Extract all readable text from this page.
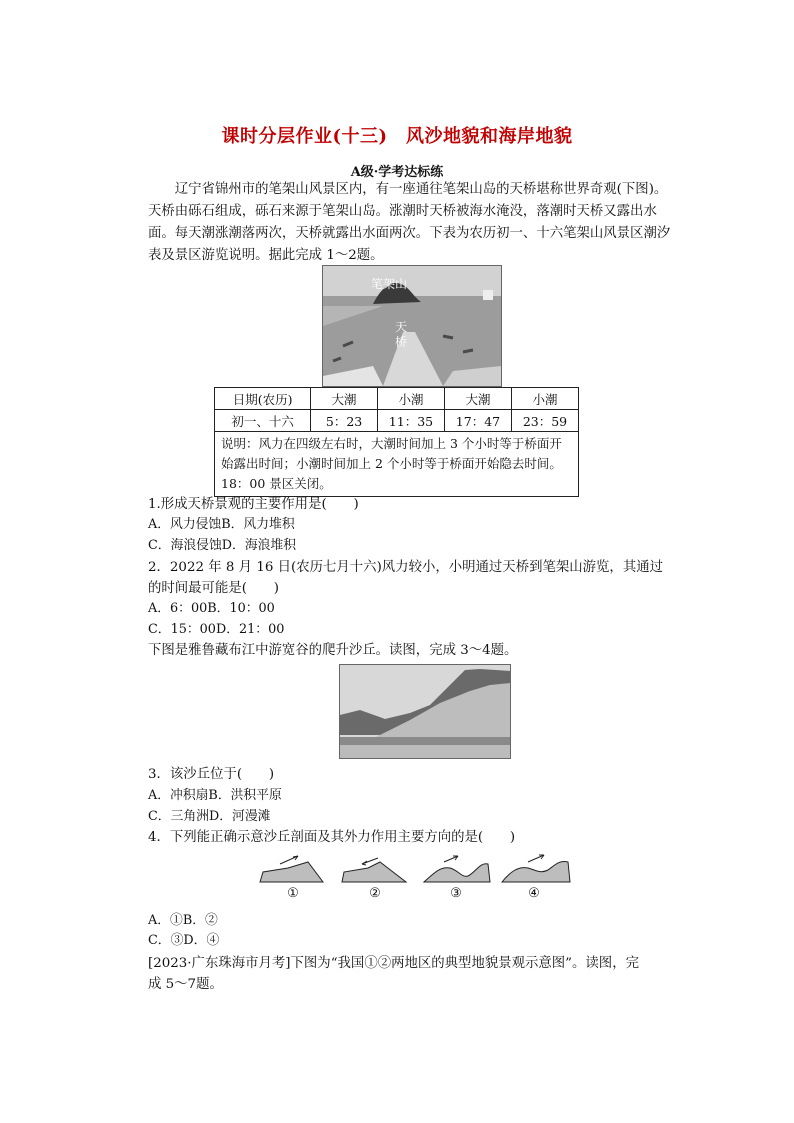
课时分层作业(十三)　风沙地貌和海岸地貌
A级·学考达标练
辽宁省锦州市的笔架山风景区内，有一座通往笔架山岛的天桥堪称世界奇观(下图)。天桥由砾石组成，砾石来源于笔架山岛。涨潮时天桥被海水淹没，落潮时天桥又露出水面。每天潮涨潮落两次，天桥就露出水面两次。下表为农历初一、十六笔架山风景区潮汐表及景区游览说明。据此完成 1～2题。
笔架山
天
桥
日期(农历)	大潮	小潮	大潮	小潮
初一、十六	5：23	11：35	17：47	23：59
说明：风力在四级左右时，大潮时间加上 3 个小时等于桥面开始露出时间；小潮时间加上 2 个小时等于桥面开始隐去时间。18：00 景区关闭。				
1.形成天桥景观的主要作用是(　　)
A．风力侵蚀B．风力堆积
C．海浪侵蚀D．海浪堆积
2．2022 年 8 月 16 日(农历七月十六)风力较小，小明通过天桥到笔架山游览，其通过
的时间最可能是(　　)
A．6：00B．10：00
C．15：00D．21：00
下图是雅鲁藏布江中游宽谷的爬升沙丘。读图，完成 3～4题。
3．该沙丘位于(　　)
A．冲积扇B．洪积平原
C．三角洲D．河漫滩
4．下列能正确示意沙丘剖面及其外力作用主要方向的是(　　)
①	②	③	④
A．①B．②
C．③D．④
[2023·广东珠海市月考]下图为“我国①②两地区的典型地貌景观示意图”。读图，完
成 5～7题。
